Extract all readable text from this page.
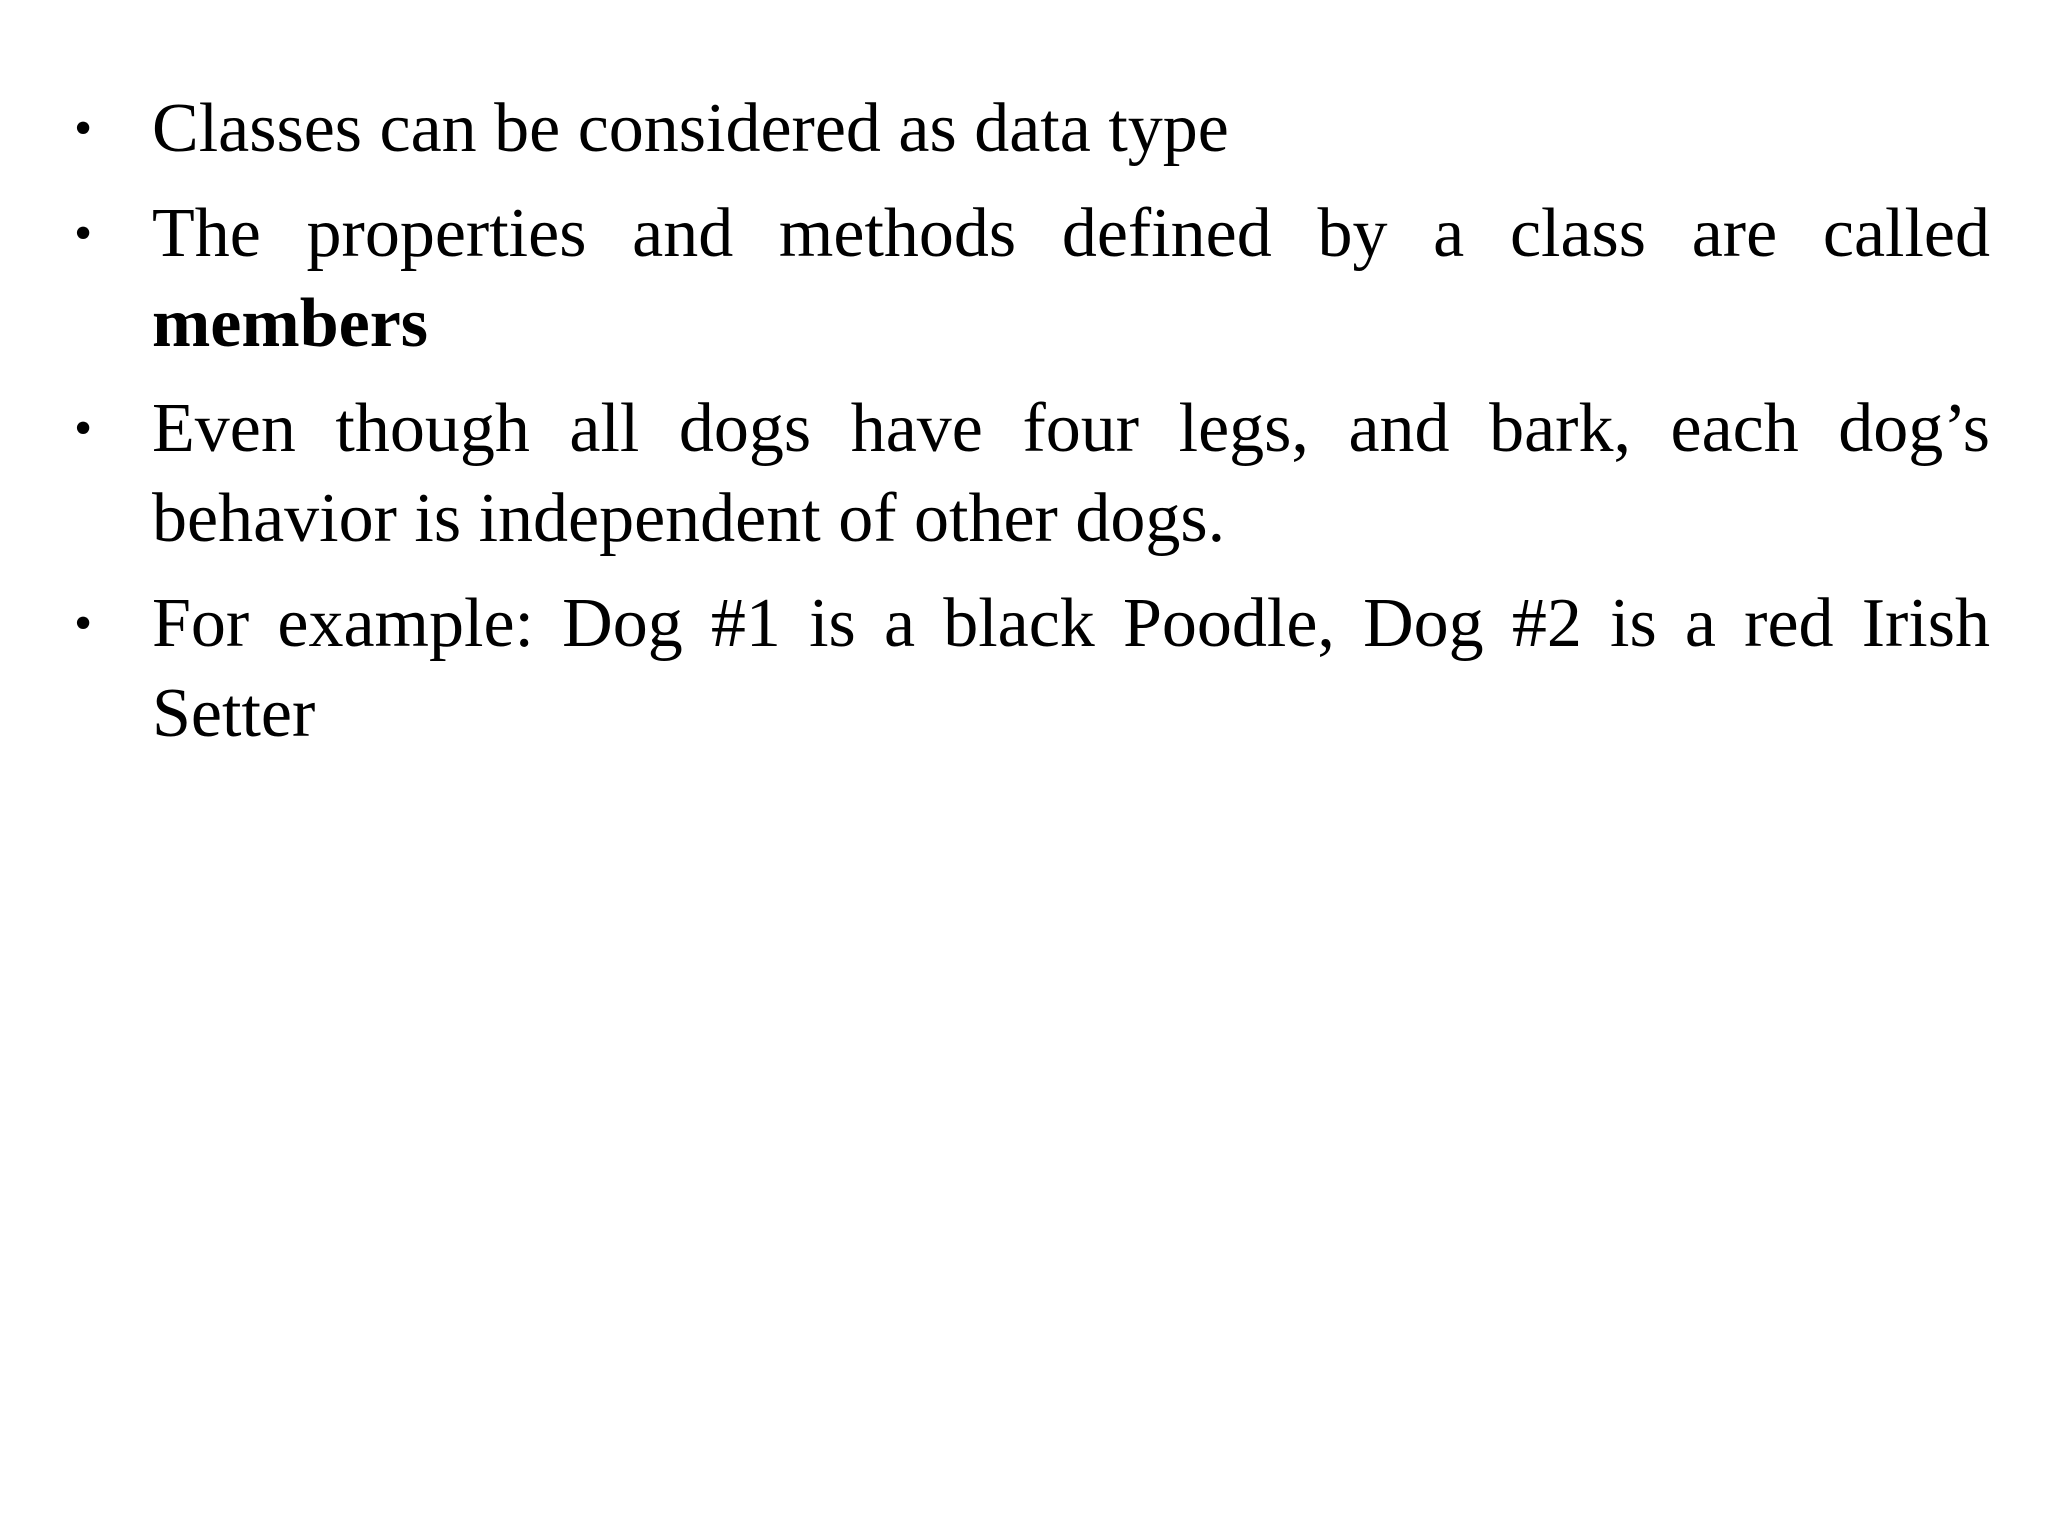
• Classes can be considered as data type
• The properties and methods defined by a class are called members
• Even though all dogs have four legs, and bark, each dog’s behavior is independent of other dogs.
• For example: Dog #1 is a black Poodle, Dog #2 is a red Irish Setter
